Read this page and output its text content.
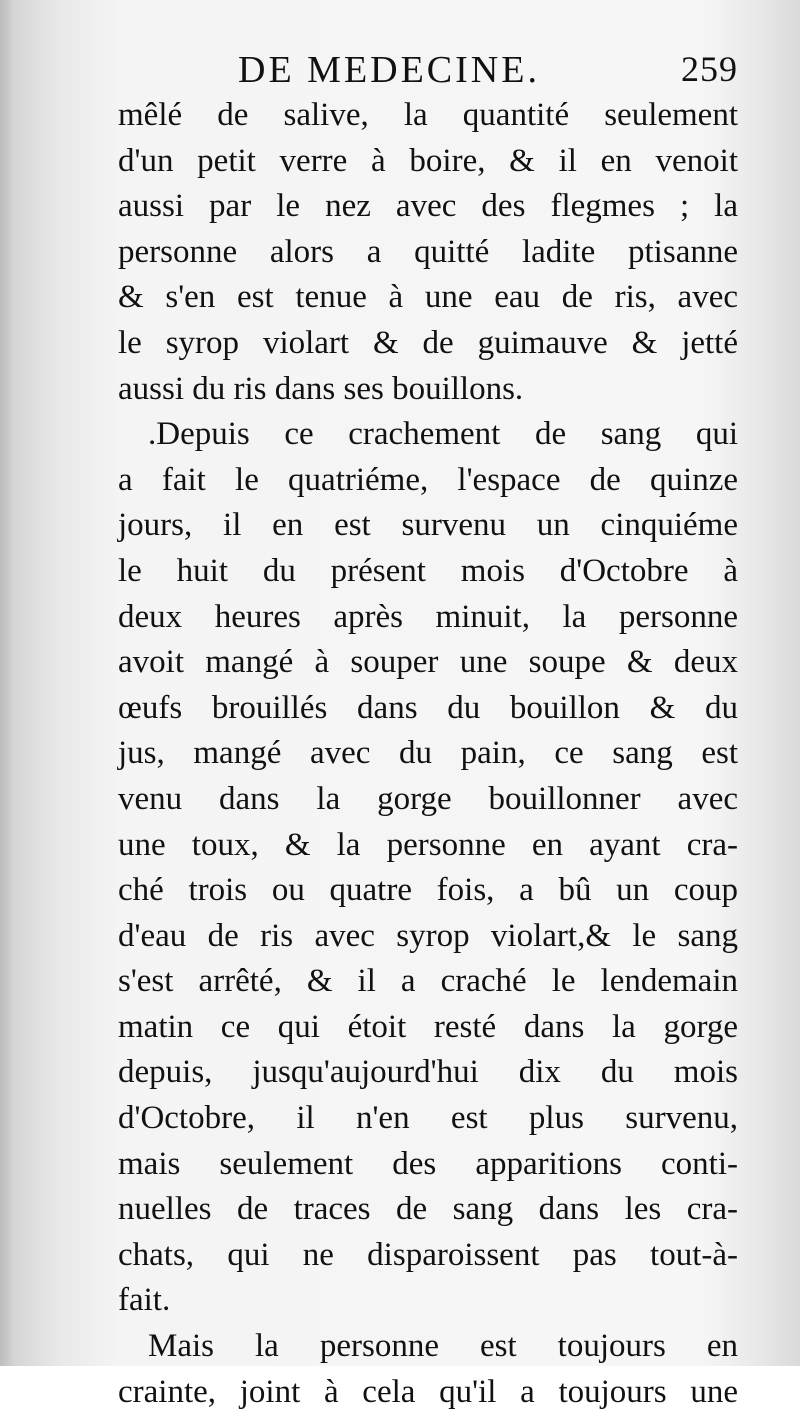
DE MEDECINE.	259
mêlé de salive, la quantité seulement
d'un petit verre à boire, & il en venoit
aussi par le nez avec des flegmes ; la
personne alors a quitté ladite ptisanne
& s'en est tenue à une eau de ris, avec
le syrop violart & de guimauve & jetté
aussi du ris dans ses bouillons.
.Depuis ce crachement de sang qui
a fait le quatriéme, l'espace de quinze
jours, il en est survenu un cinquiéme
le huit du présent mois d'Octobre à
deux heures après minuit, la personne
avoit mangé à souper une soupe & deux
œufs brouillés dans du bouillon & du
jus, mangé avec du pain, ce sang est
venu dans la gorge bouillonner avec
une toux, & la personne en ayant cra-
ché trois ou quatre fois, a bû un coup
d'eau de ris avec syrop violart,& le sang
s'est arrêté, & il a craché le lendemain
matin ce qui étoit resté dans la gorge
depuis, jusqu'aujourd'hui dix du mois
d'Octobre, il n'en est plus survenu,
mais seulement des apparitions conti-
nuelles de traces de sang dans les cra-
chats, qui ne disparoissent pas tout-à-
fait.
Mais la personne est toujours en
crainte, joint à cela qu'il a toujours une
